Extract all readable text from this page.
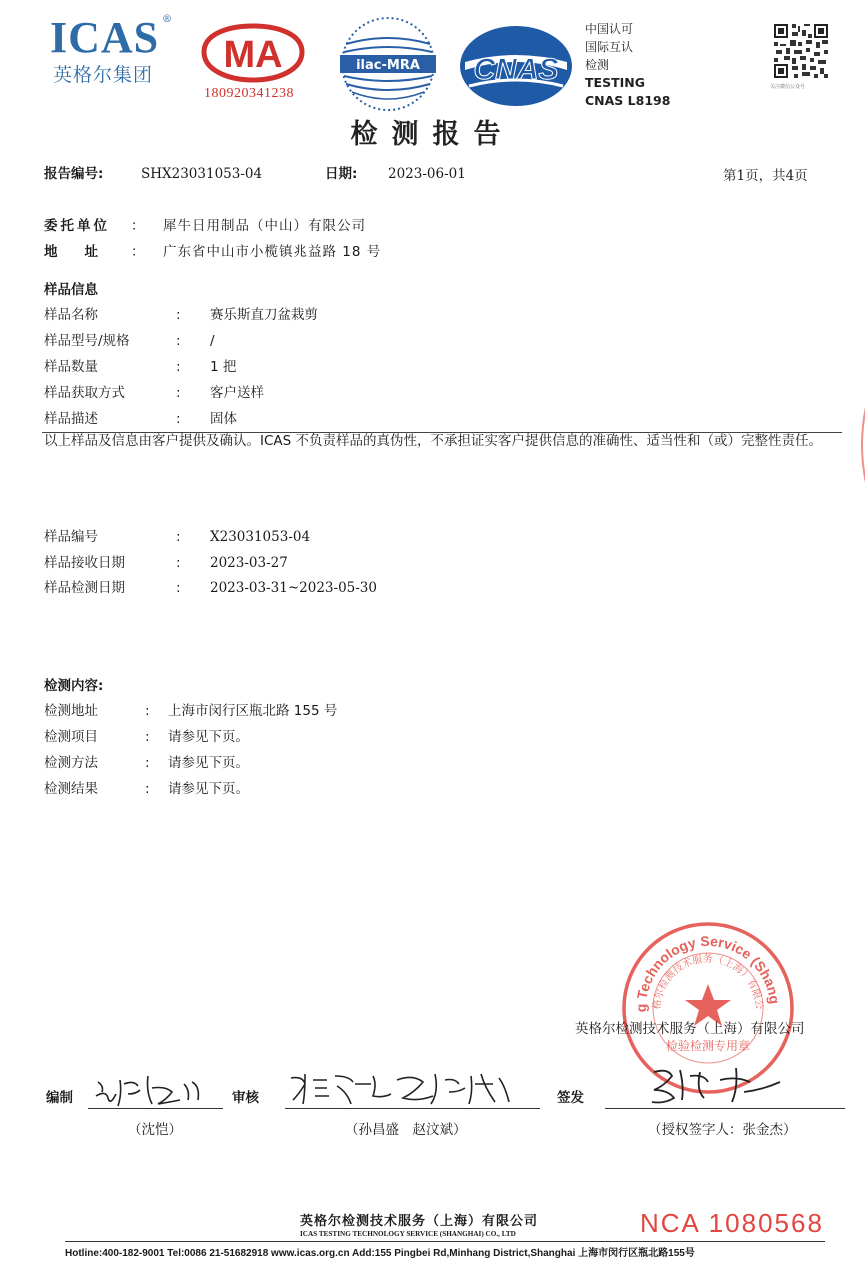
ICAS ®
英格尔集团 MA
180920341238
ilac-MRA CNAS
中国认可
国际互认
检测
TESTING
CNAS L8198
关注微信公众号
检测报告
报告编号:	SHX23031053-04	日期: 2023-06-01	第1页，共4页
委托单位 ： 犀牛日用制品（中山）有限公司
地　　址 ： 广东省中山市小榄镇兆益路 18 号
样品信息
样品名称	: 赛乐斯直刀盆栽剪
样品型号/规格	: /
样品数量	: 1 把
样品获取方式	: 客户送样
样品描述	: 固体
以上样品及信息由客户提供及确认。ICAS 不负责样品的真伪性，不承担证实客户提供信息的准确性、适当性和（或）完整性责任。
样品编号	: X23031053-04
样品接收日期	: 2023-03-27
样品检测日期	: 2023-03-31~2023-05-30
检测内容:
检测地址	: 上海市闵行区瓶北路 155 号
检测项目	: 请参见下页。
检测方法	: 请参见下页。
检测结果	: 请参见下页。
g Technology Service (Shang
格尔检测技术服务（上海）有限公
检验检测专用章
英格尔检测技术服务（上海）有限公司
编制
（沈恺）
审核
（孙昌盛　赵汶斌）
签发
（授权签字人：张金杰）
英格尔检测技术服务（上海）有限公司
ICAS TESTING TECHNOLOGY SERVICE (SHANGHAI) CO., LTD	NCA 1080568
Hotline:400-182-9001 Tel:0086 21-51682918 www.icas.org.cn Add:155 Pingbei Rd,Minhang District,Shanghai 上海市闵行区瓶北路155号
